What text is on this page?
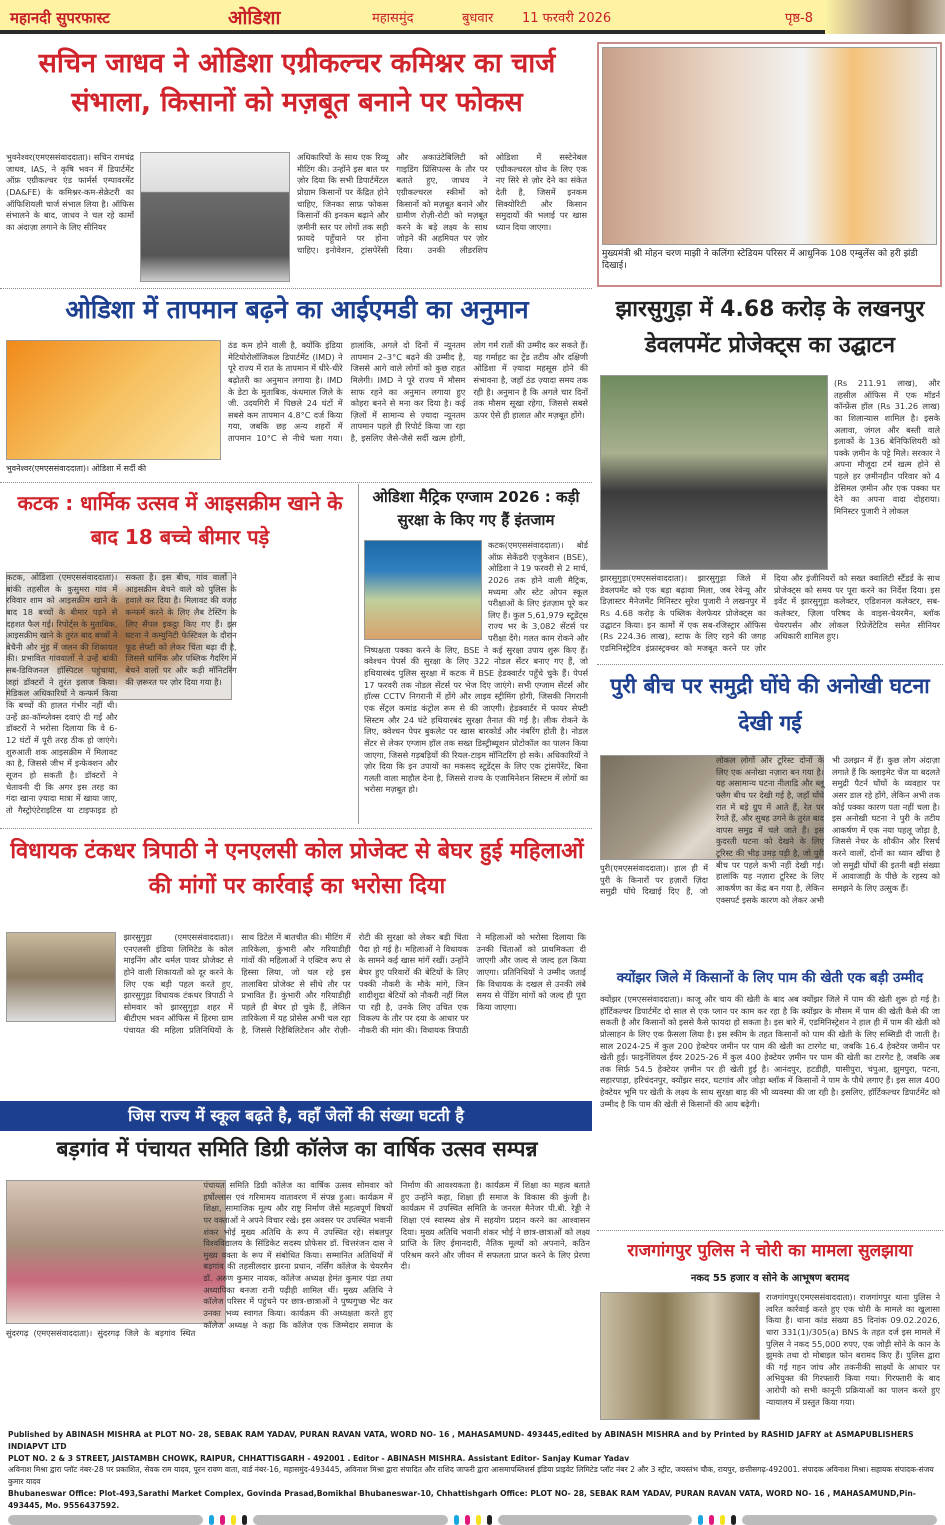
महानदी सुपरफास्ट	ओडिशा	महासमुंद	बुधवार 11 फरवरी 2026	पृष्ठ-8
सचिन जाधव ने ओडिशा एग्रीकल्चर कमिश्नर का चार्ज संभाला, किसानों को मज़बूत बनाने पर फोकस
भुवनेश्वर(एमएससंवाददाता)। सचिन रामचंद्र जाधव, IAS, ने कृषि भवन में डिपार्टमेंट ऑफ़ एग्रीकल्चर एंड फार्मर्स एम्पावरमेंट (DA&FE) के कमिश्नर-कम-सेक्रेटरी का ऑफिशियली चार्ज संभाल लिया है। ऑफिस संभालने के बाद, जाधव ने चल रहे कामों का अंदाज़ा लगाने के लिए सीनियर
अधिकारियों के साथ एक रिव्यू मीटिंग की। उन्होंने इस बात पर ज़ोर दिया कि सभी डिपार्टमेंटल प्रोग्राम किसानों पर केंद्रित होने चाहिए, जिनका साफ़ फोकस किसानों की इनकम बढ़ाने और ज़मीनी स्तर पर लोगों तक सही फ़ायदे पहुँचाने पर होना चाहिए। इनोवेशन, ट्रांसपेरेंसी और अकाउंटेबिलिटी को गाइडिंग प्रिंसिपल्स के तौर पर बताते हुए, जाधव ने एग्रीकल्चरल स्कीमों को किसानों को मज़बूत बनाने और ग्रामीण रोज़ी-रोटी को मज़बूत करने के बड़े लक्ष्य के साथ जोड़ने की अहमियत पर ज़ोर दिया। उनकी लीडरशिप ओडिशा में सस्टेनेबल एग्रीकल्चरल ग्रोथ के लिए एक नए सिरे से ज़ोर देने का संकेत देती है, जिसमें इनकम सिक्योरिटी और किसान समुदायों की भलाई पर खास ध्यान दिया जाएगा।
मुख्यमंत्री श्री मोहन चरण माझी ने कलिंगा स्टेडियम परिसर में आधुनिक 108 एम्बुलेंस को हरी झंडी दिखाई।
ओडिशा में तापमान बढ़ने का आईएमडी का अनुमान
भुवनेश्वर(एमएससंवाददाता)। ओडिशा में सर्दी की
ठंड कम होने वाली है, क्योंकि इंडिया मेटियोरोलॉजिकल डिपार्टमेंट (IMD) ने पूरे राज्य में रात के तापमान में धीरे-धीरे बढ़ोतरी का अनुमान लगाया है। IMD के डेटा के मुताबिक, कंधमाल जिले के जी. उदयगिरी में पिछले 24 घंटों में सबसे कम तापमान 4.8°C दर्ज किया गया, जबकि छह अन्य शहरों में तापमान 10°C से नीचे चला गया। हालांकि, अगले दो दिनों में न्यूनतम तापमान 2–3°C बढ़ने की उम्मीद है, जिससे आगे वाले लोगों को कुछ राहत मिलेगी। IMD ने पूरे राज्य में मौसम साफ रहने का अनुमान लगाया हुए कोहरा बनने से मना कर दिया है। कई ज़िलों में सामान्य से ज़्यादा न्यूनतम तापमान पहले ही रिपोर्ट किया जा रहा है, इसलिए जैसे-जैसे सर्दी खत्म होगी, लोग गर्म रातों की उम्मीद कर सकते हैं। यह गर्माहट का ट्रेंड तटीय और दक्षिणी ओडिशा में ज़्यादा महसूस होने की संभावना है, जहाँ ठंड ज़्यादा समय तक रही है। अनुमान है कि अगले चार दिनों तक मौसम सूखा रहेगा, जिससे सबसे ऊपर ऐसे ही हालात और मज़बूत होंगे।
झारसुगुड़ा में 4.68 करोड़ के लखनपुर डेवलपमेंट प्रोजेक्ट्स का उद्घाटन
(Rs 211.91 लाख), और तहसील ऑफिस में एक मॉडर्न कॉन्फ्रेंस हॉल (Rs 31.26 लाख) का शिलान्यास शामिल है। इसके अलावा, जंगल और बस्ती वाले इलाकों के 136 बेनिफिशियरी को पक्के ज़मीन के पट्टे मिले। सरकार ने अपना मौजूदा टर्म खत्म होने से पहले हर ज़मीनहीन परिवार को 4 डेसिमल ज़मीन और एक पक्का घर देने का अपना वादा दोहराया। मिनिस्टर पुजारी ने लोकल
झारसुगुड़ा(एमएससंवाददाता)। झारसुगुड़ा जिले में डेवलपमेंट को एक बड़ा बढ़ावा मिला, जब रेवेन्यू और डिज़ास्टर मैनेजमेंट मिनिस्टर सुरेश पुजारी ने लखनपुर में Rs 4.68 करोड़ के पब्लिक वेलफेयर प्रोजेक्ट्स का उद्घाटन किया। इन कामों में एक सब-रजिस्ट्रार ऑफिस (Rs 224.36 लाख), स्टाफ के लिए रहने की जगह एडमिनिस्ट्रेटिव इंफ्रास्ट्रक्चर को मजबूत करने पर ज़ोर दिया और इंजीनियरों को सख्त क्वालिटी स्टैंडर्ड के साथ प्रोजेक्ट्स को समय पर पूरा करने का निर्देश दिया। इस इवेंट में झारसुगुड़ा कलेक्टर, एडिशनल कलेक्टर, सब-कलेक्टर, ज़िला परिषद के वाइस-चेयरमैन, ब्लॉक चेयरपर्सन और लोकल रिप्रेजेंटेटिव समेत सीनियर अधिकारी शामिल हुए।
कटक : धार्मिक उत्सव में आइसक्रीम खाने के बाद 18 बच्चे बीमार पड़े
कटक, ओडिशा (एमएससंवाददाता)। बांकी तहसील के कुसुमरा गांव में रविवार शाम को आइसक्रीम खाने के बाद 18 बच्चों के बीमार पड़ने से दहशत फैल गई। रिपोर्ट्स के मुताबिक, आइसक्रीम खाने के तुरंत बाद बच्चों ने बेचैनी और मुंह में जलन की शिकायत की। प्रभावित गांववालों ने उन्हें बांकी सब-डिविजनल हॉस्पिटल पहुंचाया, जहां डॉक्टरों ने तुरंत इलाज किया। मेडिकल अधिकारियों ने कन्फर्म किया कि बच्चों की हालत गंभीर नहीं थी। उन्हें क्रा-कॉम्प्लेक्स दवाएं दी गईं और डॉक्टरों ने भरोसा दिलाया कि वे 6-12 घंटों में पूरी तरह ठीक हो जाएंगे। शुरुआती शक आइसक्रीम में मिलावट का है, जिससे जीभ में इन्फेक्शन और सूजन हो सकती है। डॉक्टरों ने चेतावनी दी कि अगर इस तरह का गंदा खाना ज़्यादा मात्रा में खाया जाए, तो गैस्ट्रोएंटेराइटिस या टाइफाइड हो सकता है। इस बीच, गांव वालों ने आइसक्रीम बेचने वाले को पुलिस के हवाले कर दिया है। मिलावट की वजह कन्फर्म करने के लिए लैब टेस्टिंग के लिए सैंपल इकट्ठा किए गए हैं। इस घटना ने कम्युनिटी फेस्टिवल के दौरान फूड सेफ्टी को लेकर चिंता बढ़ा दी है, जिससे धार्मिक और पब्लिक गैदरिंग में बेचने वालों पर और कड़ी मॉनिटरिंग की ज़रूरत पर ज़ोर दिया गया है।
ओडिशा मैट्रिक एग्जाम 2026 : कड़ी सुरक्षा के किए गए हैं इंतजाम
कटक(एमएससंवाददाता)। बोर्ड ऑफ़ सेकेंडरी एजुकेशन (BSE), ओडिशा ने 19 फरवरी से 2 मार्च, 2026 तक होने वाली मैट्रिक, मध्यमा और स्टेट ओपन स्कूल परीक्षाओं के लिए इंतज़ाम पूरे कर लिए हैं। कुल 5,61,979 स्टूडेंट्स राज्य भर के 3,082 सेंटर्स पर परीक्षा देंगे। गलत काम रोकने और निष्पक्षता पक्का करने के लिए, BSE ने कई सुरक्षा उपाय शुरू किए हैं। क्वेश्चन पेपर्स की सुरक्षा के लिए 322 नोडल सेंटर बनाए गए हैं, जो हथियारबंद पुलिस सुरक्षा में कटक में BSE हेडक्वार्टर पहुँचे चुके हैं। पेपर्स 17 फरवरी तक नोडल सेंटर्स पर भेज दिए जाएंगे। सभी एग्जाम सेंटर्स और हॉल्स CCTV निगरानी में होंगे और लाइव स्ट्रीमिंग होगी, जिसकी निगरानी एक सेंट्रल कमांड कंट्रोल रूम से की जाएगी। हेडक्वार्टर में फायर सेफ्टी सिस्टम और 24 घंटे हथियारबंद सुरक्षा तैनात की गई है। लीक रोकने के लिए, क्वेश्चन पेपर बुकलेट पर खास बारकोर्ड और नंबरिंग होती है। नोडल सेंटर से लेकर एग्जाम हॉल तक सख्त डिस्ट्रीब्यूशन प्रोटोकॉल का पालन किया जाएगा, जिससे गड़बड़ियों की रियल-टाइम मॉनिटरिंग हो सके। अधिकारियों ने ज़ोर दिया कि इन उपायों का मकसद स्टूडेंट्स के लिए एक ट्रांसपेरेंट, बिना गलती वाला माहौल देना है, जिससे राज्य के एजामिनेशन सिस्टम में लोगों का भरोसा मज़बूत हो।
पुरी बीच पर समुद्री घोंघे की अनोखी घटना देखी गई
पुरी(एमएससंवाददाता)। हाल ही में पुरी के किनारों पर हज़ारों ज़िंदा समुद्री घोंघे दिखाई दिए हैं, जो लोकल लोगों और टूरिस्ट दोनों के लिए एक अनोखा नज़ारा बन गया है। यह असामान्य घटना नीलाद्रि और ब्लू फ्लैग बीच पर देखी गई है, जहाँ घोंघे रात में बड़े ग्रुप में आते हैं, रेत पर रेंगते हैं, और सुबह उगने के तुरंत बाद वापस समुद्र में चले जाते हैं। इस कुदरती घटना को देखने के लिए टूरिस्ट की भीड़ उमड़ पड़ी है, जो पुरी बीच पर पहले कभी नहीं देखी गई। हालांकि यह नज़ारा टूरिस्ट के लिए आकर्षण का केंद्र बन गया है, लेकिन एक्सपर्ट इसके कारण को लेकर अभी भी उलझन में हैं। कुछ लोग अंदाज़ा लगाते हैं कि क्लाइमेट चेंज या बदलते समुद्री पैटर्न घोंघों के व्यवहार पर असर डाल रहे होंगे, लेकिन अभी तक कोई पक्का कारण पता नहीं चला है। इस अनोखी घटना ने पुरी के तटीय आकर्षण में एक नया पहलू जोड़ा है, जिससे नेचर के शौकीन और रिसर्च करने वालों, दोनों का ध्यान खींचा है जो समुद्री घोंघों की इतनी बड़ी संख्या में आवाजाही के पीछे के रहस्य को समझने के लिए उत्सुक हैं।
विधायक टंकधर त्रिपाठी ने एनएलसी कोल प्रोजेक्ट से बेघर हुई महिलाओं की मांगों पर कार्रवाई का भरोसा दिया
झारसुगुड़ा (एमएससंवाददाता)। एनएलसी इंडिया लिमिटेड के कोल माइनिंग और थर्मल पावर प्रोजेक्ट से होने वाली शिकायतों को दूर करने के लिए एक बड़ी पहल करते हुए, झारसुगुड़ा विधायक टंकधर त्रिपाठी ने सोमवार को झारसुगुड़ा शहर में बीटीएम भवन ऑफिस में हिरमा ग्राम पंचायत की महिला प्रतिनिधियों के साथ डिटेल में बातचीत की। मीटिंग में तारिकेला, कुंभारी और गरियाडीही गांवों की महिलाओं ने एक्टिव रूप से हिस्सा लिया, जो चल रहे इस तालाबिरा प्रोजेक्ट से सीधे तौर पर प्रभावित हैं। कुंभारी और गरियाडीही पहले ही बेघर हो चुके हैं, लेकिन तारिकेला में यह प्रोसेस अभी चल रहा है, जिससे रिहैबिलिटेशन और रोज़ी-रोटी की सुरक्षा को लेकर बड़ी चिंता पैदा हो गई है। महिलाओं ने विधायक के सामने कई खास मांगें रखीं। उन्होंने बेघर हुए परिवारों की बेटियों के लिए पक्की नौकरी के मौके मांगे, जिन शादीशुदा बेटियों को नौकरी नहीं मिल पा रही है, उनके लिए उचित एक विकल्प के तौर पर दया के आधार पर नौकरी की मांग की। विधायक त्रिपाठी ने महिलाओं को भरोसा दिलाया कि उनकी चिंताओं को प्राथमिकता दी जाएगी और जल्द से जल्द हल किया जाएगा। प्रतिनिधियों ने उम्मीद जताई कि विधायक के दखल से उनकी लंबे समय से पेंडिंग मांगों को जल्द ही पूरा किया जाएगा।
क्योंझर जिले में किसानों के लिए पाम की खेती एक बड़ी उम्मीद
क्योंझर (एमएससंवाददाता)। काजू और चाय की खेती के बाद अब क्योंझर जिले में पाम की खेती शुरू हो गई है। हॉर्टिकल्चर डिपार्टमेंट दो साल से एक प्लान पर काम कर रहा है कि क्योंझर के मौसम में पाम की खेती कैसे की जा सकती है और किसानों को इससे कैसे फायदा हो सकता है। इस बारे में, एडमिनिस्ट्रेशन ने हाल ही में पाम की खेती को प्रोत्साहन के लिए एक फ़ैसला लिया है। इस स्कीम के तहत किसानों को पाम की खेती के लिए सब्सिडी दी जाती है। साल 2024-25 में कुल 200 हेक्टेयर जमीन पर पाम की खेती का टारगेट था, जबकि 16.4 हेक्टेयर जमीन पर खेती हुई। फाइनेंशियल ईयर 2025-26 में कुल 400 हेक्टेयर ज़मीन पर पाम की खेती का टारगेट है, जबकि अब तक सिर्फ़ 54.5 हेक्टेयर ज़मीन पर ही खेती हुई है। आनंदपुर, हटडीही, घासीपुरा, चंपुआ, झुमपुरा, पटना, सहारपाड़ा, हरिचंदनपुर, क्योंझर सदर, घटगांव और जोड़ा ब्लॉक में किसानों ने पाम के पौधे लगाए हैं। इस साल 400 हेक्टेयर भूमि पर खेती के लक्ष्य के साथ सुरक्षा बाड़ की भी व्यवस्था की जा रही है। इसलिए, हॉर्टिकल्चर डिपार्टमेंट को उम्मीद है कि पाम की खेती से किसानों की आय बढ़ेगी।
जिस राज्य में स्कूल बढ़ते है, वहाँ जेलों की संख्या घटती है
बड़गांव में पंचायत समिति डिग्री कॉलेज का वार्षिक उत्सव सम्पन्न
सुंदरगढ़ (एमएससंवाददाता)। सुंदरगढ़ जिले के बड़गांव स्थित पंचायत समिति डिग्री कॉलेज का वार्षिक उत्सव सोमवार को हर्षोल्लास एवं गरिमामय वातावरण में संपन्न हुआ। कार्यक्रम में शिक्षा, सामाजिक मूल्य और राष्ट्र निर्माण जैसे महत्वपूर्ण विषयों पर वक्ताओं ने अपने विचार रखे। इस अवसर पर उपस्थित भवानी शंकर भोई मुख्य अतिथि के रूप में उपस्थित रहे। संबलपुर विश्वविद्यालय के सिंडिकेट सदस्य प्रोफेसर डॉ. चित्तरंजन दास ने मुख्य वक्ता के रूप में संबोधित किया। सम्मानित अतिथियों में बड़गांव की तहसीलदार झरना प्रधान, नर्सिंग कॉलेज के चेयरमैन डॉ. अरुण कुमार नायक, कॉलेज अध्यक्ष हेमंत कुमार पंडा तथा अध्यापिका बनजा रानी पढ़ीही शामिल थीं। मुख्य अतिथि ने कॉलेज परिसर में पहुंचने पर छात्र-छात्राओं ने पुष्पगुच्छ भेंट कर उनका भव्य स्वागत किया। कार्यक्रम की अध्यक्षता करते हुए कॉलेज अध्यक्ष ने कहा कि कॉलेज एक जिम्मेदार समाज के निर्माण की आवश्यकता है। कार्यक्रम में शिक्षा का महत्व बताते हुए उन्होंने कहा, शिक्षा ही समाज के विकास की कुंजी है। कार्यक्रम में उपस्थित समिति के जनरल मैनेजर पी.बी. रेड्डी ने शिक्षा एवं स्वास्थ्य क्षेत्र में सहयोग प्रदान करने का आश्वासन दिया। मुख्य अतिथि भवानी शंकर भोई ने छात्र-छात्राओं को लक्ष्य प्राप्ति के लिए ईमानदारी, नैतिक मूल्यों को अपनाने, कठिन परिश्रम करने और जीवन में सफलता प्राप्त करने के लिए प्रेरणा दी।
राजगांगपुर पुलिस ने चोरी का मामला सुलझाया
नकद 55 हजार व सोने के आभूषण बरामद
राजगांगपुर(एमएससंवाददाता)। राजगांगपुर थाना पुलिस ने त्वरित कार्रवाई करते हुए एक चोरी के मामले का खुलासा किया है। थाना कांड संख्या 85 दिनांक 09.02.2026, धारा 331(1)/305(a) BNS के तहत दर्ज इस मामले में पुलिस ने नकद 55,000 रुपए, एक जोड़ी सोने के कान के झुमके तथा दो मोबाइल फोन बरामद किए हैं। पुलिस द्वारा की गई गहन जांच और तकनीकी साक्ष्यों के आधार पर अभियुक्त की गिरफ्तारी किया गया। गिरफ्तारी के बाद आरोपी को सभी कानूनी प्रक्रियाओं का पालन करते हुए न्यायालय में प्रस्तुत किया गया।
Published by ABINASH MISHRA at PLOT NO- 28, SEBAK RAM YADAV, PURAN RAVAN VATA, WORD NO- 16 , MAHASAMUND- 493445,edited by ABINASH MISHRA and by Printed by RASHID JAFRY at ASMAPUBLISHERS INDIAPVT LTD
PLOT NO. 2 & 3 STREET, JAISTAMBH CHOWK, RAIPUR, CHHATTISGARH - 492001 . Editor - ABINASH MISHRA. Assistant Editor- Sanjay Kumar Yadav
अविनाश मिश्रा द्वारा प्लॉट नंबर-28 पर प्रकाशित, सेवक राम यादव, पूरन रावण वाता, वार्ड नंबर-16, महासमुंद-493445, अविनाश मिश्रा द्वारा संपादित और राशिद जाफरी द्वारा आसमापब्लिशर्स इंडिया प्राइवेट लिमिटेड प्लॉट नंबर 2 और 3 स्ट्रीट, जयस्तंभ चौक, रायपुर, छत्तीसगढ़-492001. संपादक अविनाश मिश्रा। सहायक संपादक-संजय कुमार यादव
Bhubaneswar Office: Plot-493,Sarathi Market Complex, Govinda Prasad,Bomikhal Bhubaneswar-10, Chhattishgarh Office: PLOT NO- 28, SEBAK RAM YADAV, PURAN RAVAN VATA, WORD NO- 16 , MAHASAMUND,Pin- 493445, Mo. 9556437592.
